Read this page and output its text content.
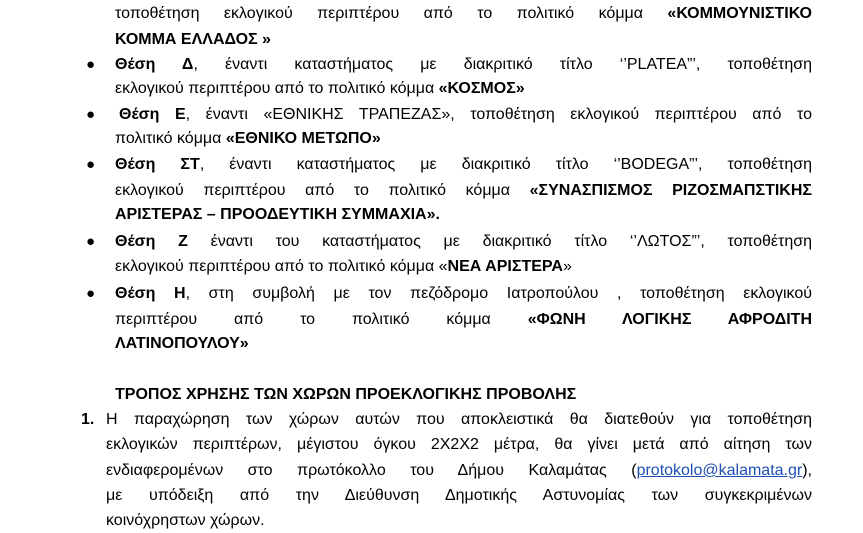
τοποθέτηση εκλογικού περιπτέρου από το πολιτικό κόμμα «ΚΟΜΜΟΥΝΙΣΤΙΚΟ
ΚΟΜΜΑ ΕΛΛΑΔΟΣ »
●	Θέση Δ, έναντι καταστήματος με διακριτικό τίτλο ‘’PLATEA”’, τοποθέτηση
εκλογικού περιπτέρου από το πολιτικό κόμμα «ΚΟΣΜΟΣ»
●	Θέση Ε, έναντι «ΕΘΝΙΚΗΣ ΤΡΑΠΕΖΑΣ», τοποθέτηση εκλογικού περιπτέρου από το
πολιτικό κόμμα «ΕΘΝΙΚΟ ΜΕΤΩΠΟ»
●	Θέση ΣΤ, έναντι καταστήματος με διακριτικό τίτλο ‘’BODEGA”’, τοποθέτηση
εκλογικού περιπτέρου από το πολιτικό κόμμα «ΣΥΝΑΣΠΙΣΜΟΣ ΡΙΖΟΣΜΑΠΣΤΙΚΗΣ
ΑΡΙΣΤΕΡΑΣ – ΠΡΟΟΔΕΥΤΙΚΗ ΣΥΜΜΑΧΙΑ».
●	Θέση Ζ έναντι του καταστήματος με διακριτικό τίτλο ‘’ΛΩΤΟΣ”’, τοποθέτηση
εκλογικού περιπτέρου από το πολιτικό κόμμα «ΝΕΑ ΑΡΙΣΤΕΡΑ»
●	Θέση Η, στη συμβολή με τον πεζόδρομο Ιατροπούλου , τοποθέτηση εκλογικού
περιπτέρου από το πολιτικό κόμμα «ΦΩΝΗ ΛΟΓΙΚΗΣ ΑΦΡΟΔΙΤΗ
ΛΑΤΙΝΟΠΟΥΛΟΥ»
ΤΡΟΠΟΣ ΧΡΗΣΗΣ ΤΩΝ ΧΩΡΩΝ ΠΡΟΕΚΛΟΓΙΚΗΣ ΠΡΟΒΟΛΗΣ
1. Η παραχώρηση των χώρων αυτών που αποκλειστικά θα διατεθούν για τοποθέτηση
εκλογικών περιπτέρων, μέγιστου όγκου 2Χ2Χ2 μέτρα, θα γίνει μετά από αίτηση των
ενδιαφερομένων στο πρωτόκολλο του Δήμου Καλαμάτας (protokolo@kalamata.gr),
με υπόδειξη από την Διεύθυνση Δημοτικής Αστυνομίας των συγκεκριμένων
κοινόχρηστων χώρων.
